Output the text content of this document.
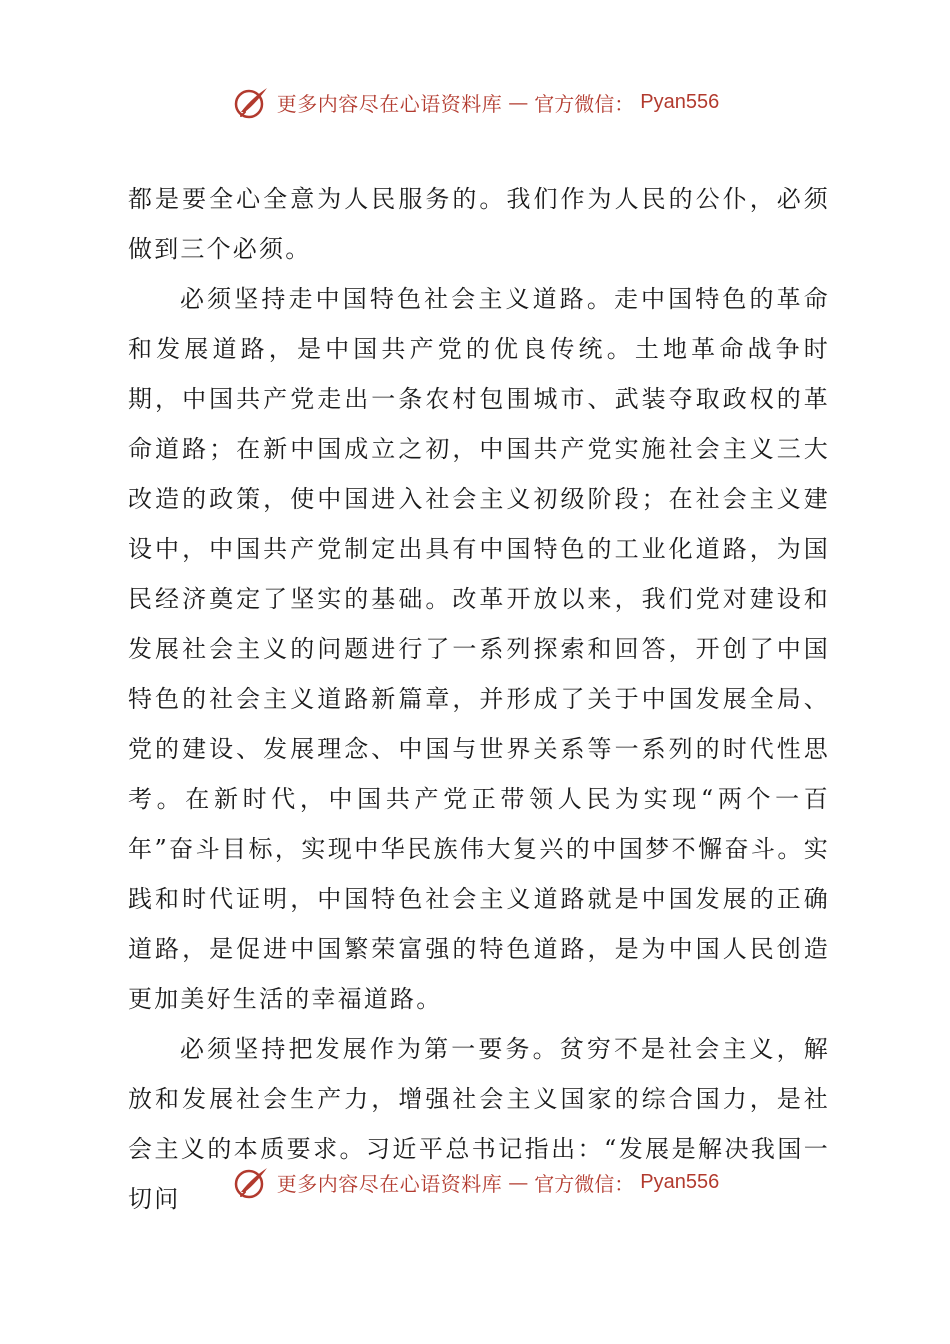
更多内容尽在心语资料库 — 官方微信： Pyan556

都是要全心全意为人民服务的。我们作为人民的公仆，必须做到三个必须。

必须坚持走中国特色社会主义道路。走中国特色的革命和发展道路，是中国共产党的优良传统。土地革命战争时期，中国共产党走出一条农村包围城市、武装夺取政权的革命道路；在新中国成立之初，中国共产党实施社会主义三大改造的政策，使中国进入社会主义初级阶段；在社会主义建设中，中国共产党制定出具有中国特色的工业化道路，为国民经济奠定了坚实的基础。改革开放以来，我们党对建设和发展社会主义的问题进行了一系列探索和回答，开创了中国特色的社会主义道路新篇章，并形成了关于中国发展全局、党的建设、发展理念、中国与世界关系等一系列的时代性思考。在新时代，中国共产党正带领人民为实现“两个一百年”奋斗目标，实现中华民族伟大复兴的中国梦不懈奋斗。实践和时代证明，中国特色社会主义道路就是中国发展的正确道路，是促进中国繁荣富强的特色道路，是为中国人民创造更加美好生活的幸福道路。

必须坚持把发展作为第一要务。贫穷不是社会主义，解放和发展社会生产力，增强社会主义国家的综合国力，是社会主义的本质要求。习近平总书记指出：“发展是解决我国一切问

更多内容尽在心语资料库 — 官方微信： Pyan556
